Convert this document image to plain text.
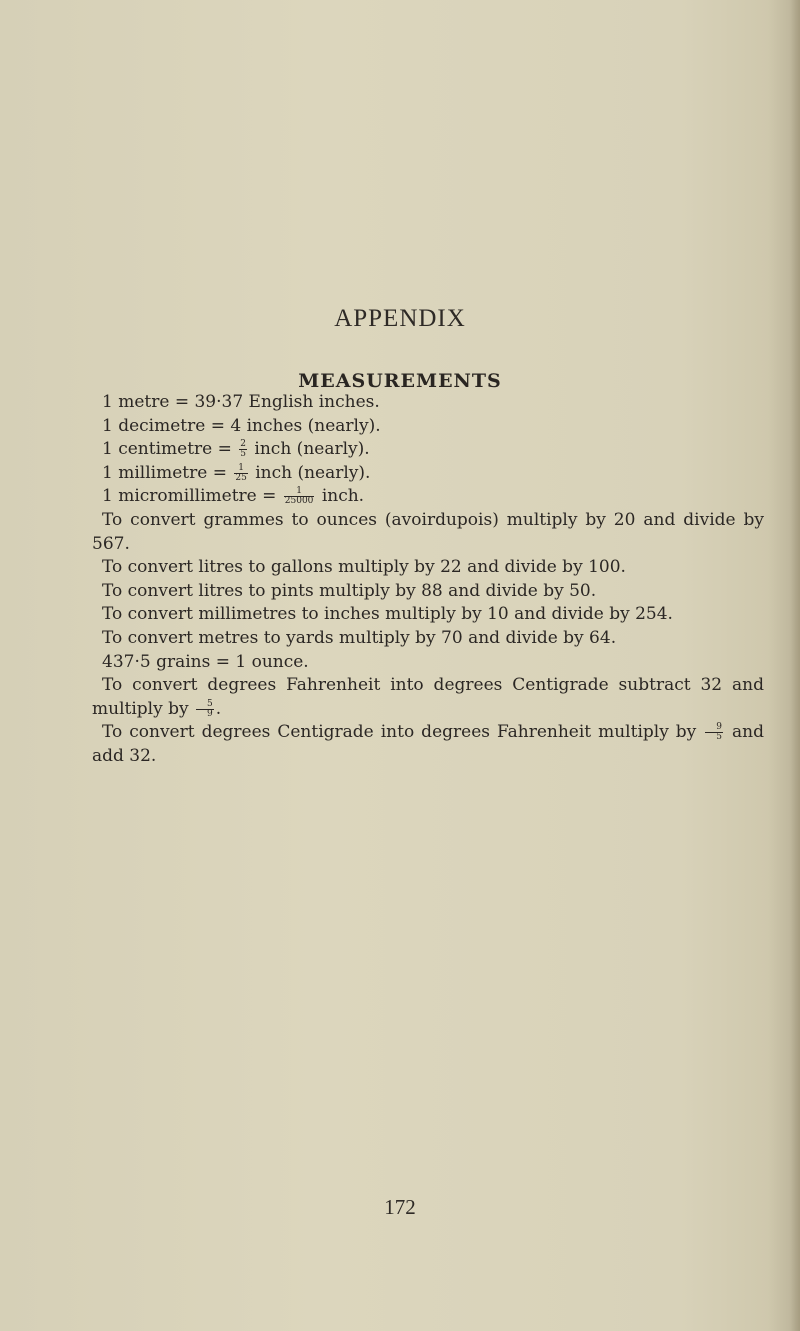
APPENDIX
MEASUREMENTS
1 metre = 39·37 English inches.
1 decimetre = 4 inches (nearly).
1 centimetre = $\frac{2}{5}$ inch (nearly).
1 millimetre = $\frac{1}{25}$ inch (nearly).
1 micromillimetre = $\frac{1}{25000}$ inch.
To convert grammes to ounces (avoirdupois) multiply by 20 and divide by 567.
To convert litres to gallons multiply by 22 and divide by 100.
To convert litres to pints multiply by 88 and divide by 50.
To convert millimetres to inches multiply by 10 and divide by 254.
To convert metres to yards multiply by 70 and divide by 64.
437·5 grains = 1 ounce.
To convert degrees Fahrenheit into degrees Centigrade subtract 32 and multiply by $\frac{5}{9}$ .
To convert degrees Centigrade into degrees Fahrenheit multiply by $\frac{9}{5}$ and add 32.
172
